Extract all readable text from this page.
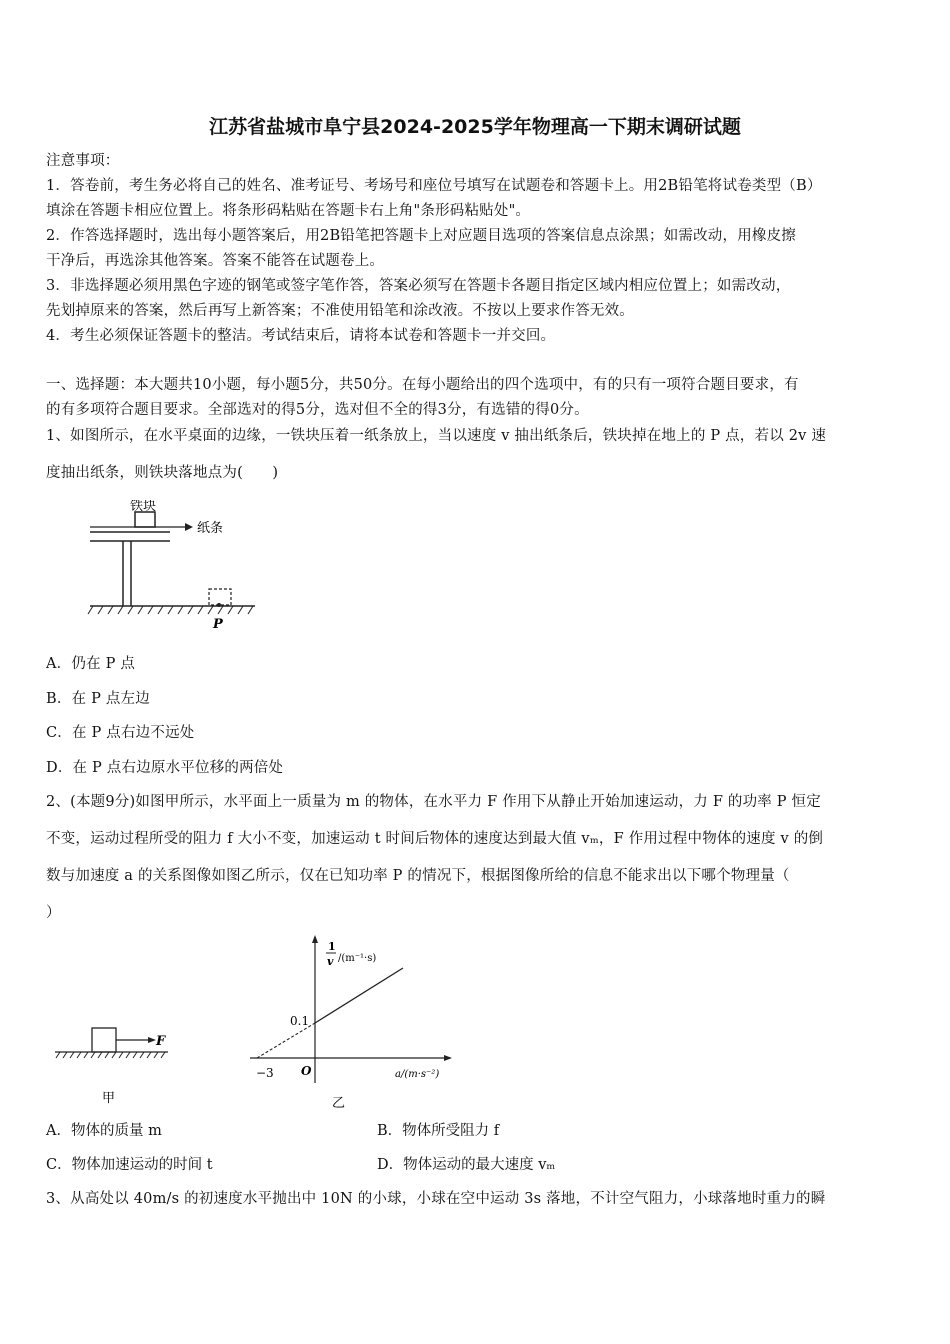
江苏省盐城市阜宁县2024-2025学年物理高一下期末调研试题
注意事项：
1．答卷前，考生务必将自己的姓名、准考证号、考场号和座位号填写在试题卷和答题卡上。用2B铅笔将试卷类型（B）
填涂在答题卡相应位置上。将条形码粘贴在答题卡右上角"条形码粘贴处"。
2．作答选择题时，选出每小题答案后，用2B铅笔把答题卡上对应题目选项的答案信息点涂黑；如需改动，用橡皮擦
干净后，再选涂其他答案。答案不能答在试题卷上。
3．非选择题必须用黑色字迹的钢笔或签字笔作答，答案必须写在答题卡各题目指定区域内相应位置上；如需改动，
先划掉原来的答案，然后再写上新答案；不准使用铅笔和涂改液。不按以上要求作答无效。
4．考生必须保证答题卡的整洁。考试结束后，请将本试卷和答题卡一并交回。
一、选择题：本大题共10小题，每小题5分，共50分。在每小题给出的四个选项中，有的只有一项符合题目要求，有
的有多项符合题目要求。全部选对的得5分，选对但不全的得3分，有选错的得0分。
1、如图所示，在水平桌面的边缘，一铁块压着一纸条放上，当以速度 v 抽出纸条后，铁块掉在地上的 P 点，若以 2v 速
度抽出纸条，则铁块落地点为(　　)
铁块
纸条
P
A．仍在 P 点
B．在 P 点左边
C．在 P 点右边不远处
D．在 P 点右边原水平位移的两倍处
2、(本题9分)如图甲所示，水平面上一质量为 m 的物体，在水平力 F 作用下从静止开始加速运动，力 F 的功率 P 恒定
不变，运动过程所受的阻力 f 大小不变，加速运动 t 时间后物体的速度达到最大值 vₘ，F 作用过程中物体的速度 v 的倒
数与加速度 a 的关系图像如图乙所示，仅在已知功率 P 的情况下，根据图像所给的信息不能求出以下哪个物理量（
）
F
甲
1
v /(m⁻¹·s)
0.1
−3 O	a/(m·s⁻²)
乙
A．物体的质量 m	B．物体所受阻力 f
C．物体加速运动的时间 t	D．物体运动的最大速度 vₘ
3、从高处以 40m/s 的初速度水平抛出中 10N 的小球，小球在空中运动 3s 落地，不计空气阻力，小球落地时重力的瞬
